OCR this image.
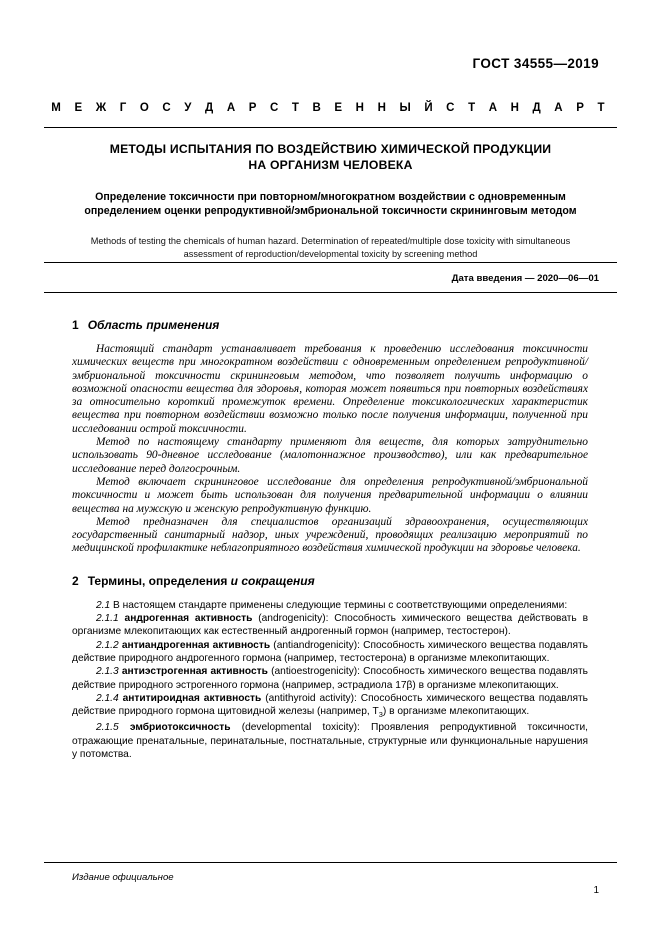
ГОСТ 34555—2019
М Е Ж Г О С У Д А Р С Т В Е Н Н Ы Й С Т А Н Д А Р Т
МЕТОДЫ ИСПЫТАНИЯ ПО ВОЗДЕЙСТВИЮ ХИМИЧЕСКОЙ ПРОДУКЦИИ
НА ОРГАНИЗМ ЧЕЛОВЕКА
Определение токсичности при повторном/многократном воздействии с одновременным
определением оценки репродуктивной/эмбриональной токсичности скрининговым методом
Methods of testing the chemicals of human hazard. Determination of repeated/multiple dose toxicity with simultaneous
assessment of reproduction/developmental toxicity by screening method
Дата введения — 2020—06—01
1 Область применения

Настоящий стандарт устанавливает требования к проведению исследования токсичности химических веществ при многократном воздействии с одновременным определением репродуктивной/эмбриональной токсичности скрининговым методом, что позволяет получить информацию о возможной опасности вещества для здоровья, которая может появиться при повторных воздействиях за относительно короткий промежуток времени. Определение токсикологических характеристик вещества при повторном воздействии возможно только после получения информации, полученной при исследовании острой токсичности.

Метод по настоящему стандарту применяют для веществ, для которых затруднительно использовать 90-дневное исследование (малотоннажное производство), или как предварительное исследование перед долгосрочным.

Метод включает скрининговое исследование для определения репродуктивной/эмбриональной токсичности и может быть использован для получения предварительной информации о влиянии вещества на мужскую и женскую репродуктивную функцию.

Метод предназначен для специалистов организаций здравоохранения, осуществляющих государственный санитарный надзор, иных учреждений, проводящих реализацию мероприятий по медицинской профилактике неблагоприятного воздействия химической продукции на здоровье человека.

2 Термины, определения и сокращения

2.1 В настоящем стандарте применены следующие термины с соответствующими определениями:

2.1.1 андрогенная активность (androgenicity): Способность химического вещества действовать в организме млекопитающих как естественный андрогенный гормон (например, тестостерон).

2.1.2 антиандрогенная активность (antiandrogenicity): Способность химического вещества подавлять действие природного андрогенного гормона (например, тестостерона) в организме млекопитающих.

2.1.3 антиэстрогенная активность (antioestrogenicity): Способность химического вещества подавлять действие природного эстрогенного гормона (например, эстрадиола 17β) в организме млекопитающих.

2.1.4 антитироидная активность (antithyroid activity): Способность химического вещества подавлять действие природного гормона щитовидной железы (например, $Т_3$) в организме млекопитающих.

2.1.5 эмбриотоксичность (developmental toxicity): Проявления репродуктивной токсичности, отражающие пренатальные, перинатальные, постнатальные, структурные или функциональные нарушения у потомства.

Издание официальное
1
